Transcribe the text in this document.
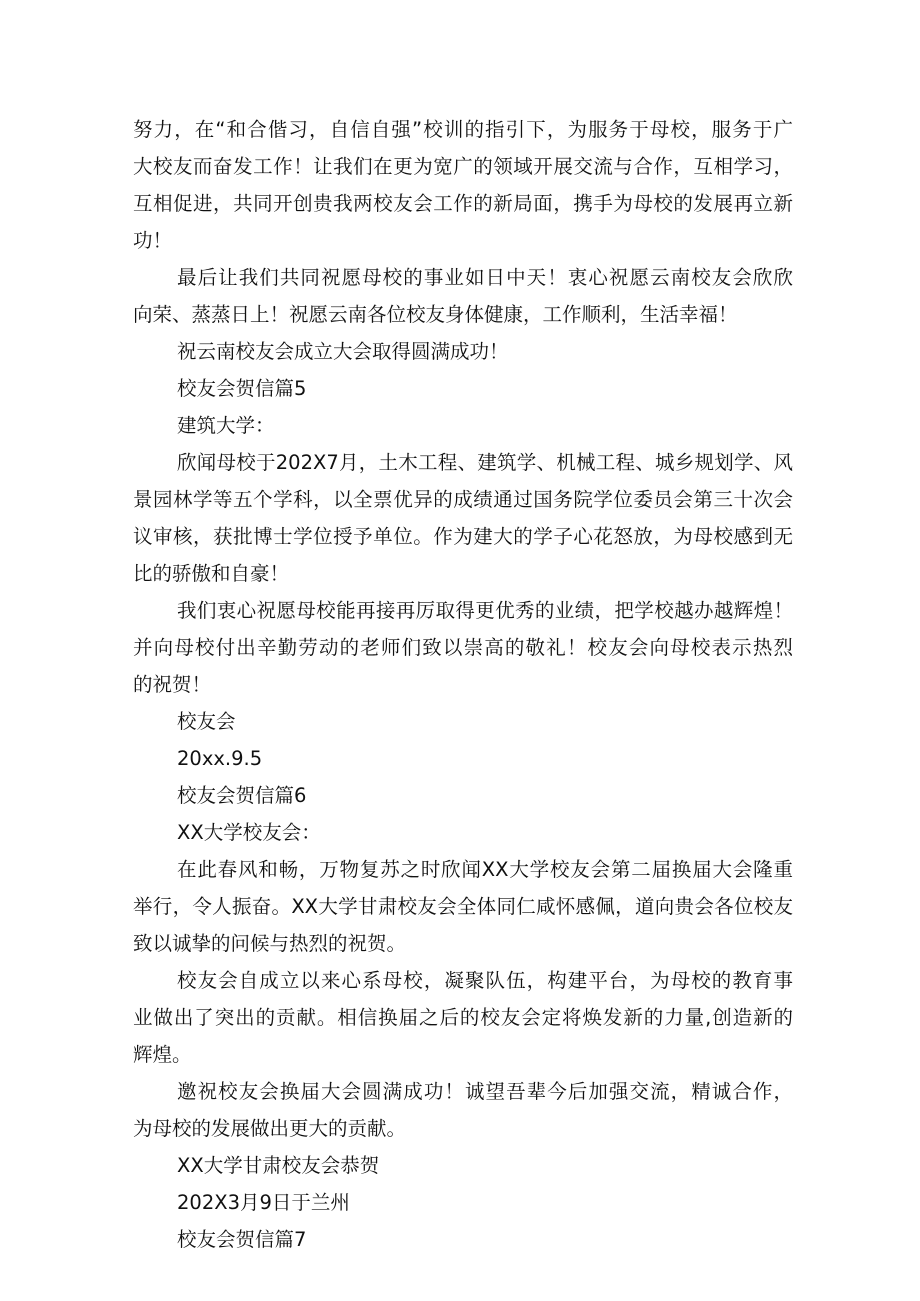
努力，在“和合偕习，自信自强”校训的指引下，为服务于母校，服务于广
大校友而奋发工作！让我们在更为宽广的领域开展交流与合作，互相学习，
互相促进，共同开创贵我两校友会工作的新局面，携手为母校的发展再立新
功！
最后让我们共同祝愿母校的事业如日中天！衷心祝愿云南校友会欣欣
向荣、蒸蒸日上！祝愿云南各位校友身体健康，工作顺利，生活幸福！
祝云南校友会成立大会取得圆满成功！
校友会贺信篇5
建筑大学：
欣闻母校于202X7月，土木工程、建筑学、机械工程、城乡规划学、风
景园林学等五个学科，以全票优异的成绩通过国务院学位委员会第三十次会
议审核，获批博士学位授予单位。作为建大的学子心花怒放，为母校感到无
比的骄傲和自豪！
我们衷心祝愿母校能再接再厉取得更优秀的业绩，把学校越办越辉煌！
并向母校付出辛勤劳动的老师们致以崇高的敬礼！校友会向母校表示热烈
的祝贺！
校友会
20xx.9.5
校友会贺信篇6
XX大学校友会：
在此春风和畅，万物复苏之时欣闻XX大学校友会第二届换届大会隆重
举行，令人振奋。XX大学甘肃校友会全体同仁咸怀感佩，道向贵会各位校友
致以诚挚的问候与热烈的祝贺。
校友会自成立以来心系母校，凝聚队伍，构建平台，为母校的教育事
业做出了突出的贡献。相信换届之后的校友会定将焕发新的力量,创造新的
辉煌。
邀祝校友会换届大会圆满成功！诚望吾辈今后加强交流，精诚合作，
为母校的发展做出更大的贡献。
XX大学甘肃校友会恭贺
202X3月9日于兰州
校友会贺信篇7
